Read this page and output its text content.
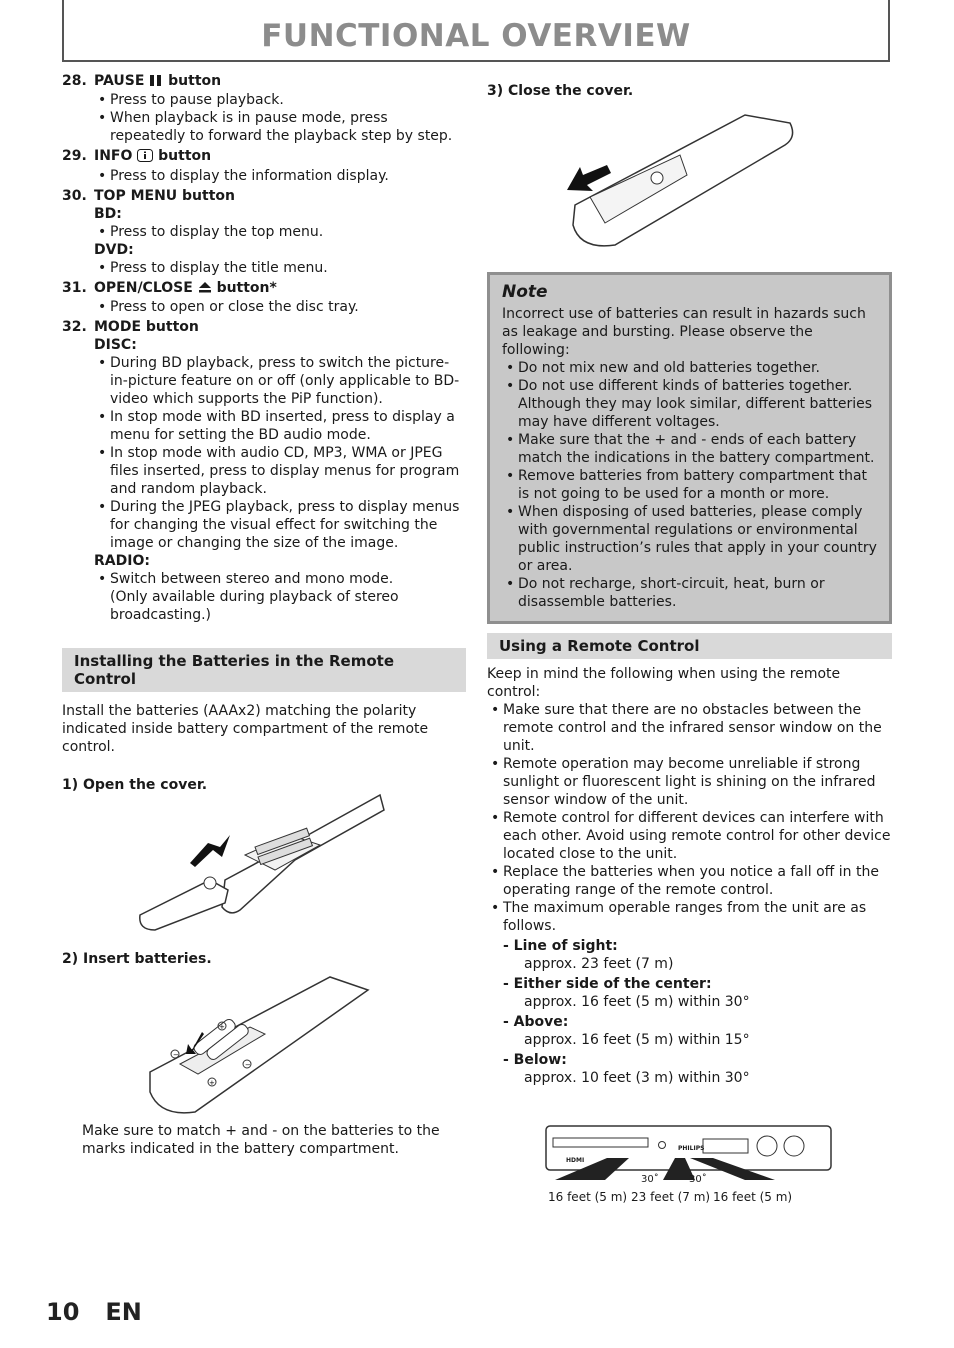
FUNCTIONAL OVERVIEW
28. PAUSE button
• Press to pause playback.
• When playback is in pause mode, press repeatedly to forward the playback step by step.
29. INFO button
• Press to display the information display.
30. TOP MENU button
BD:
• Press to display the top menu.
DVD:
• Press to display the title menu.
31. OPEN/CLOSE button*
• Press to open or close the disc tray.
32. MODE button
DISC:
• During BD playback, press to switch the picture-in-picture feature on or off (only applicable to BD-video which supports the PiP function).
• In stop mode with BD inserted, press to display a menu for setting the BD audio mode.
• In stop mode with audio CD, MP3, WMA or JPEG files inserted, press to display menus for program and random playback.
• During the JPEG playback, press to display menus for changing the visual effect for switching the image or changing the size of the image.
RADIO:
• Switch between stereo and mono mode.
(Only available during playback of stereo broadcasting.)
Installing the Batteries in the Remote Control
Install the batteries (AAAx2) matching the polarity indicated inside battery compartment of the remote control.
1) Open the cover.
2) Insert batteries.
+
−
−
+
Make sure to match + and - on the batteries to the marks indicated in the battery compartment.
3) Close the cover.
Note
Incorrect use of batteries can result in hazards such as leakage and bursting. Please observe the following:
• Do not mix new and old batteries together.
• Do not use different kinds of batteries together. Although they may look similar, different batteries may have different voltages.
• Make sure that the + and - ends of each battery match the indications in the battery compartment.
• Remove batteries from battery compartment that is not going to be used for a month or more.
• When disposing of used batteries, please comply with governmental regulations or environmental public instruction’s rules that apply in your country or area.
• Do not recharge, short-circuit, heat, burn or disassemble batteries.
Using a Remote Control
Keep in mind the following when using the remote control:
• Make sure that there are no obstacles between the remote control and the infrared sensor window on the unit.
• Remote operation may become unreliable if strong sunlight or fluorescent light is shining on the infrared sensor window of the unit.
• Remote control for different devices can interfere with each other. Avoid using remote control for other device located close to the unit.
• Replace the batteries when you notice a fall off in the operating range of the remote control.
• The maximum operable ranges from the unit are as follows.
- Line of sight:
approx. 23 feet (7 m)
- Either side of the center:
approx. 16 feet (5 m) within 30°
- Above:
approx. 16 feet (5 m) within 15°
- Below:
approx. 10 feet (3 m) within 30°
PHILIPS
HDMI
30˚	30˚
16 feet (5 m) 23 feet (7 m) 16 feet (5 m)
10 EN
